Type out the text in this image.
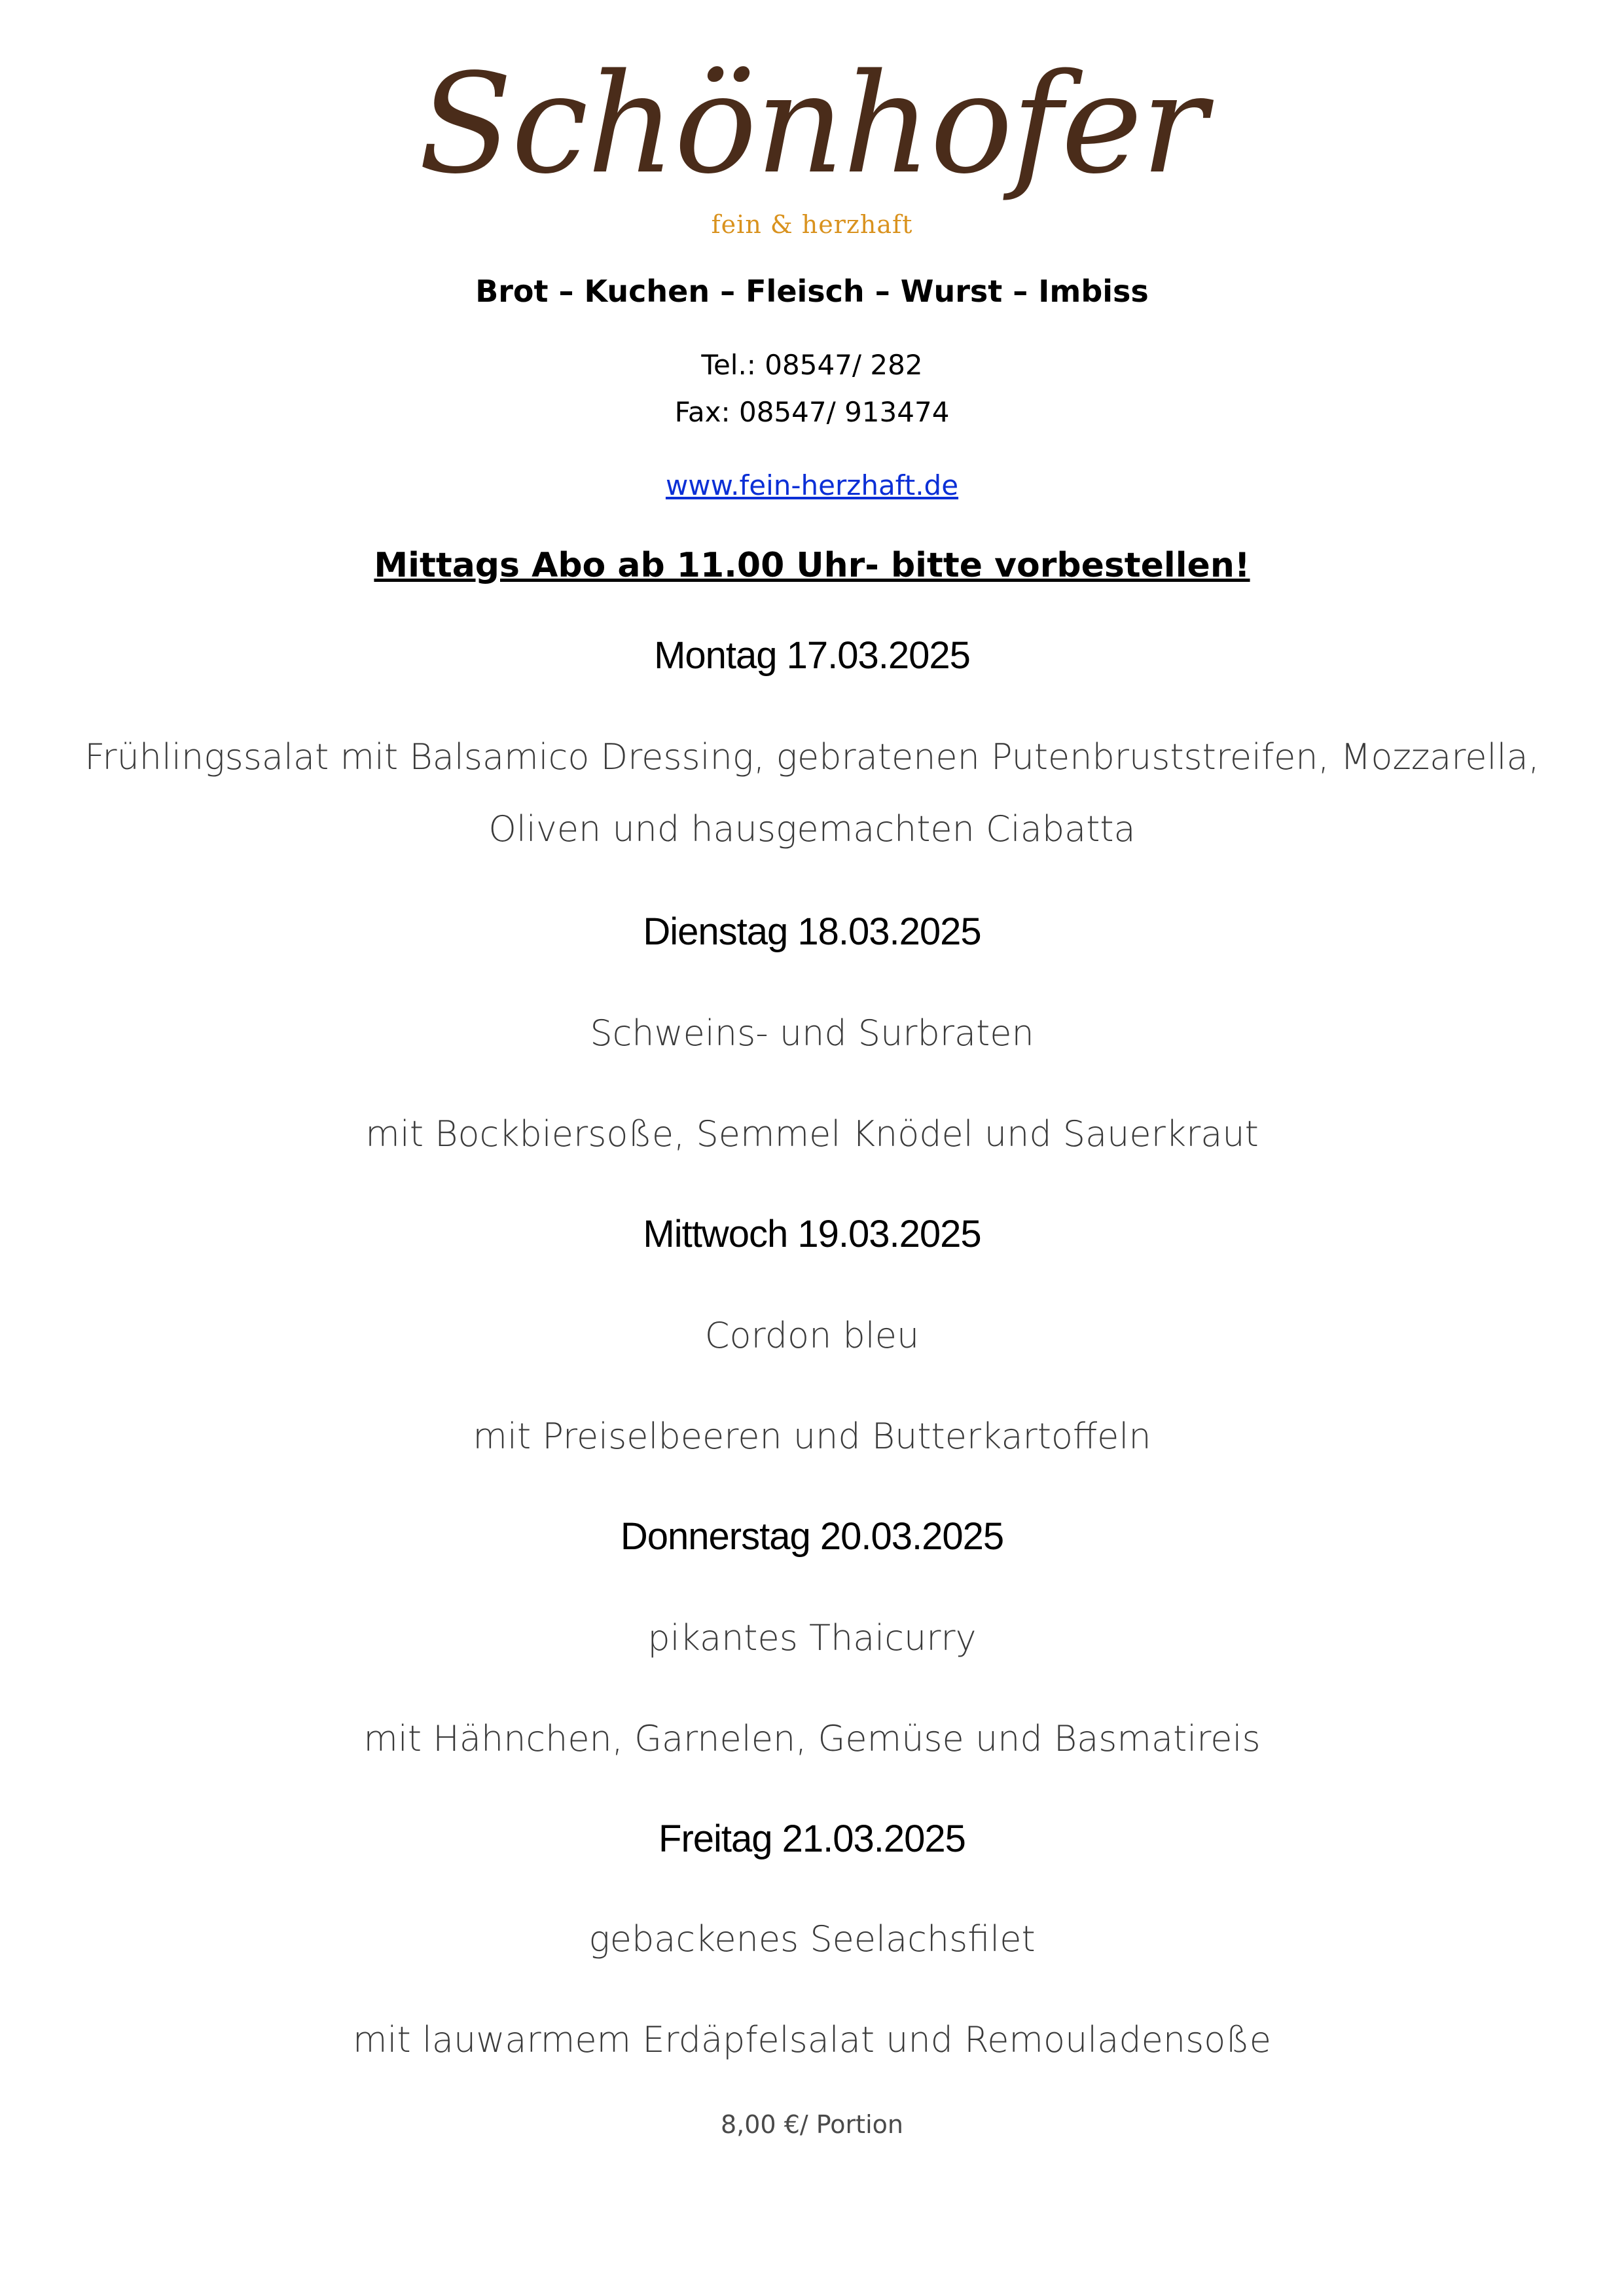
Schönhofer
fein & herzhaft
Brot – Kuchen – Fleisch – Wurst – Imbiss
Tel.: 08547/ 282
Fax: 08547/ 913474
www.fein-herzhaft.de
Mittags Abo ab 11.00 Uhr- bitte vorbestellen!
Montag 17.03.2025
Frühlingssalat mit Balsamico Dressing, gebratenen Putenbruststreifen, Mozzarella,
Oliven und hausgemachten Ciabatta
Dienstag 18.03.2025
Schweins- und Surbraten
mit Bockbiersoße, Semmel Knödel und Sauerkraut
Mittwoch 19.03.2025
Cordon bleu
mit Preiselbeeren und Butterkartoffeln
Donnerstag 20.03.2025
pikantes Thaicurry
mit Hähnchen, Garnelen, Gemüse und Basmatireis
Freitag 21.03.2025
gebackenes Seelachsfilet
mit lauwarmem Erdäpfelsalat und Remouladensoße
8,00 €/ Portion
